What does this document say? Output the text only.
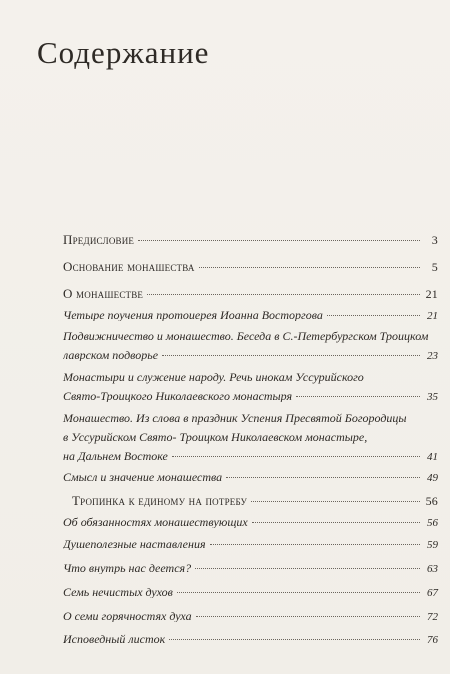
Содержание
Предисловие	3
Основание монашества	5
О монашестве	21
Четыре поучения протоиерея Иоанна Восторгова	21
Подвижничество и монашество. Беседа в С.-Петербургском Троицком
лаврском подворье	23
Монастыри и служение народу. Речь инокам Уссурийского
Свято-Троицкого Николаевского монастыря	35
Монашество. Из слова в праздник Успения Пресвятой Богородицы
в Уссурийском Свято- Троицком Николаевском монастыре,
на Дальнем Востоке	41
Смысл и значение монашества	49
Тропинка к единому на потребу	56
Об обязанностях монашествующих	56
Душеполезные наставления	59
Что внутрь нас деется?	63
Семь нечистых духов	67
О семи горячностях духа	72
Исповедный листок	76
